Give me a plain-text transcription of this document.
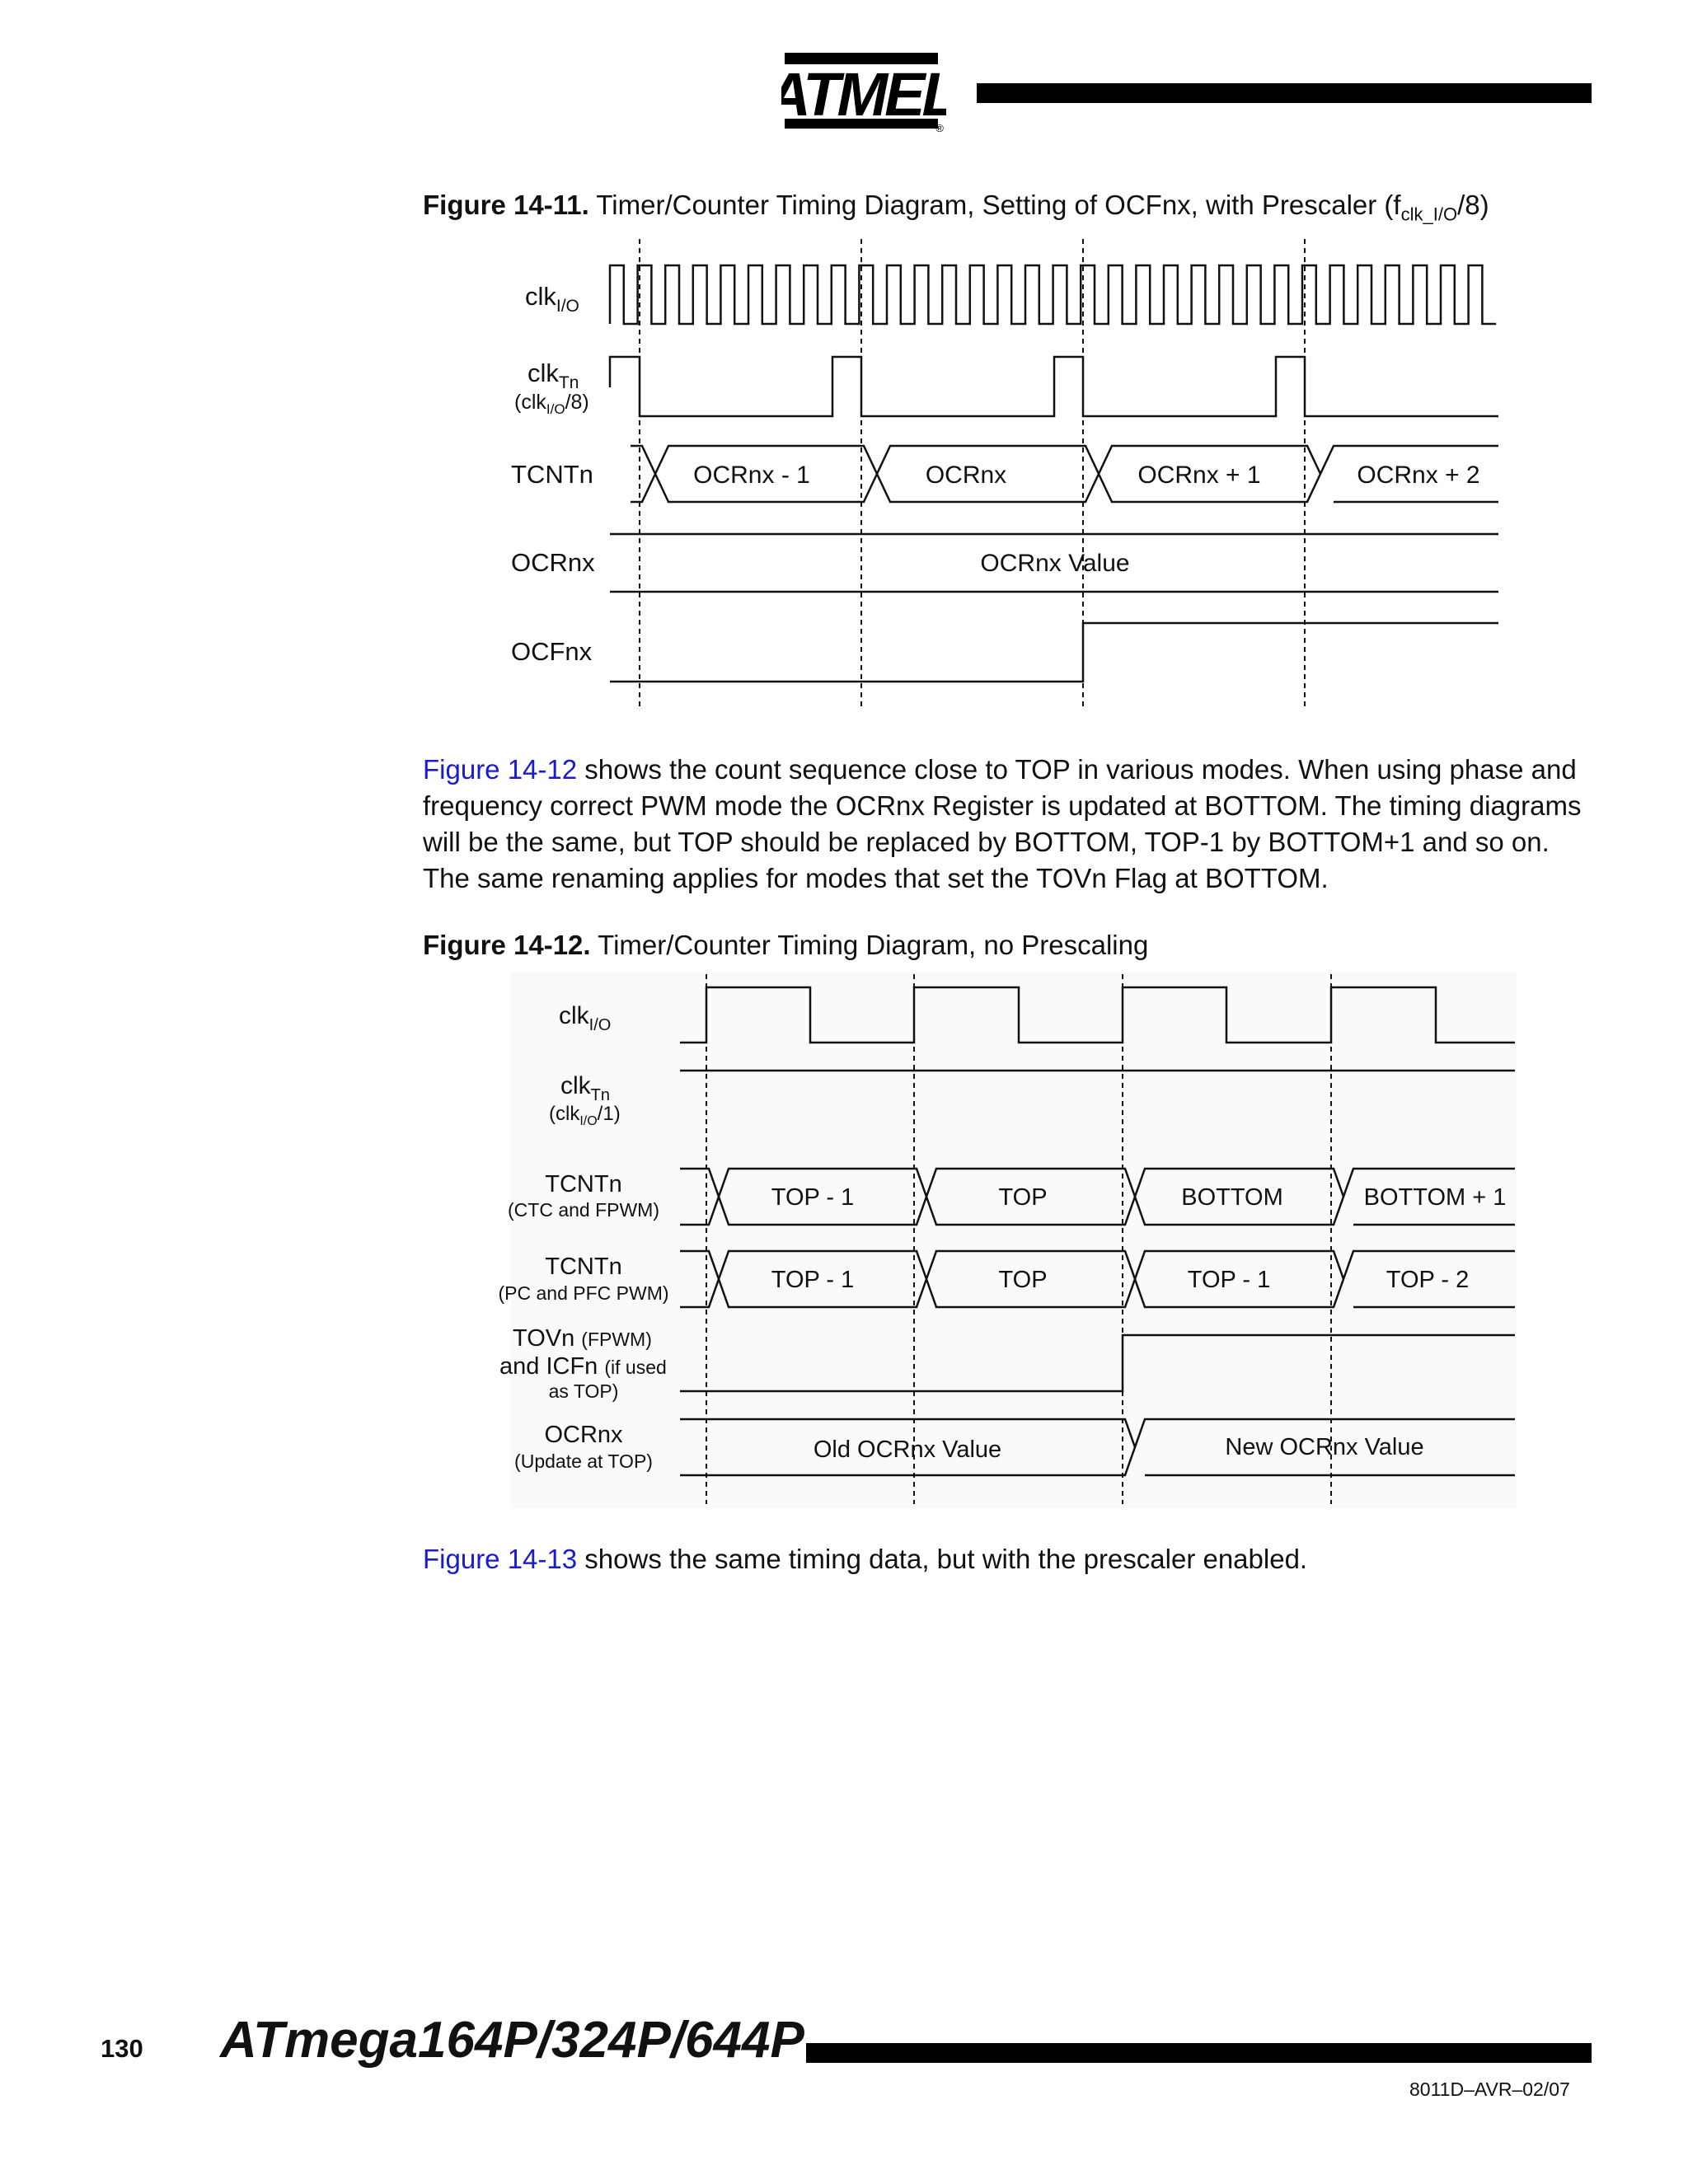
TMEL
®
Figure 14-11. Timer/Counter Timing Diagram, Setting of OCFnx, with Prescaler $(f_{clk\_I/O}/8)$
clk$_{I/O}$
clk$_{Tn}$
(clk$_{I/O}$/8)
TCNTn
OCRnx
OCFnx
OCRnx - 1	OCRnx	OCRnx + 1	OCRnx + 2
OCRnx Value
Figure 14-12 shows the count sequence close to TOP in various modes. When using phase and
frequency correct PWM mode the OCRnx Register is updated at BOTTOM. The timing diagrams
will be the same, but TOP should be replaced by BOTTOM, TOP-1 by BOTTOM+1 and so on.
The same renaming applies for modes that set the TOVn Flag at BOTTOM.
Figure 14-12. Timer/Counter Timing Diagram, no Prescaling
clk$_{I/O}$
clk$_{Tn}$
(clk$_{I/O}$/1)
TCNTn
(CTC and FPWM)
TCNTn
(PC and PFC PWM)
TOVn (FPWM)
and ICFn (if used
as TOP)
OCRnx
(Update at TOP)
TOP - 1	TOP	BOTTOM	BOTTOM + 1
TOP - 1	TOP	TOP - 1	TOP - 2
Old OCRnx Value	New OCRnx Value
Figure 14-13 shows the same timing data, but with the prescaler enabled.
130 ATmega164P/324P/644P
8011D–AVR–02/07
